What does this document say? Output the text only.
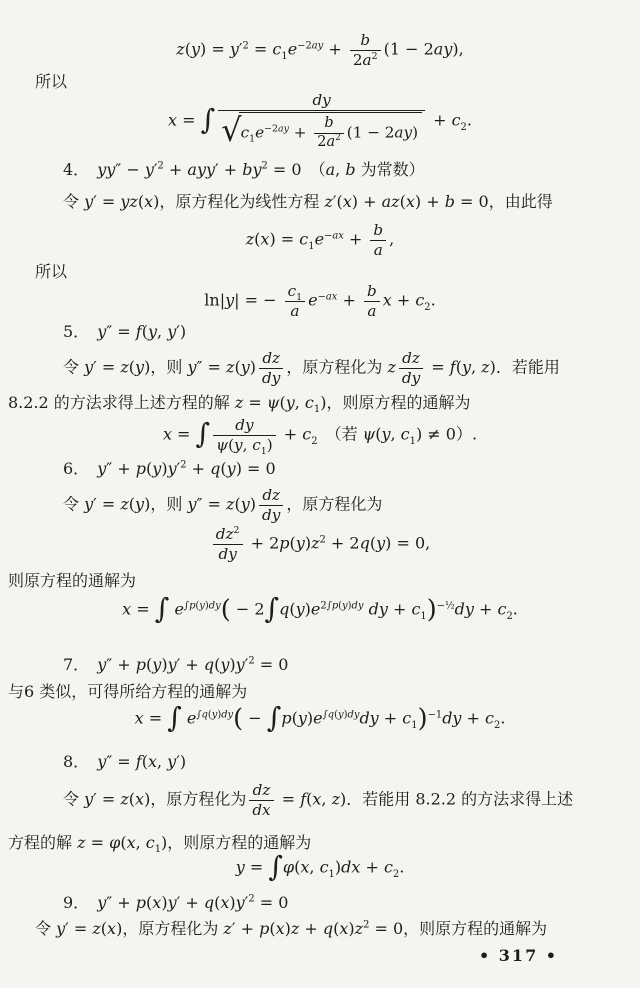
$z(y) = y'^2 = c_1e^{-2ay} + \frac{b}{2a^2} (1 - 2ay)$,
所以
x = ∫ $\frac{dy}{√c_1e^{-2ay} + \frac{b}{2a^2} (1 - 2ay)} + c_2$.
4．　$yy'' - y'^2 + ayy' + by^2 = 0$　（a, b 为常数）
令 y′ = yz(x)，原方程化为线性方程 z′(x) + az(x) + b = 0，由此得
$z(x) = c_1e^{-ax} + \frac{b}{a}$ ,
所以
ln|y| = − $\frac{c_1}{a} e^{-ax} + \frac{b}{a}$ $x + c_2$.
5．　y″ = f(y, y′)
令 y′ = z(y)，则 $y'' = z(y) \frac{dz}{dy}$ ，原方程化为 z $\frac{dz}{dy} = f(y$, z)．若能用
8.2.2 的方法求得上述方程的解 z = ψ(y, $c_1$)，则原方程的通解为
x = ∫ $\frac{dy}{\psi(y, c_1)} + c_2$　（若 ψ(y, $c_1) \ne 0$）.
6．　$y'' + p(y)y'^2 + q(y) = 0$
令 y′ = z(y)，则 $y'' = z(y) \frac{dz}{dy}$ ，原方程化为
$\frac{dz^2}{dy} + 2p(y)z^2 + 2q(y) = 0$,
则原方程的通解为
x = ∫ $e^{\int p(y)dy}( - 2\int q(y)e^{2\int p(y)dy}$ dy + $c_1)^{-\frac{1}{2}}dy + c_2$.
7．　$y'' + p(y)y' + q(y)y'^2 = 0$
与6 类似，可得所给方程的通解为
x = ∫ $e^{\int q(y)dy}( - \int p(y)e^{\int q(y)dy}dy + c_1)^{-1}dy + c_2$.
8．　y″ = f(x, y′)
令 y′ = z(x)，原方程化为 $\frac{dz}{dx} = f(x$, z)．若能用 8.2.2 的方法求得上述
方程的解 z = φ(x, $c_1$)，则原方程的通解为
y = ∫φ(x, $c_1)dx + c_2$.
9．　$y'' + p(x)y' + q(x)y'^2 = 0$
令 y′ = z(x)，原方程化为 $z' + p(x)z + q(x)z^2 = 0$，则原方程的通解为
• 317 •
